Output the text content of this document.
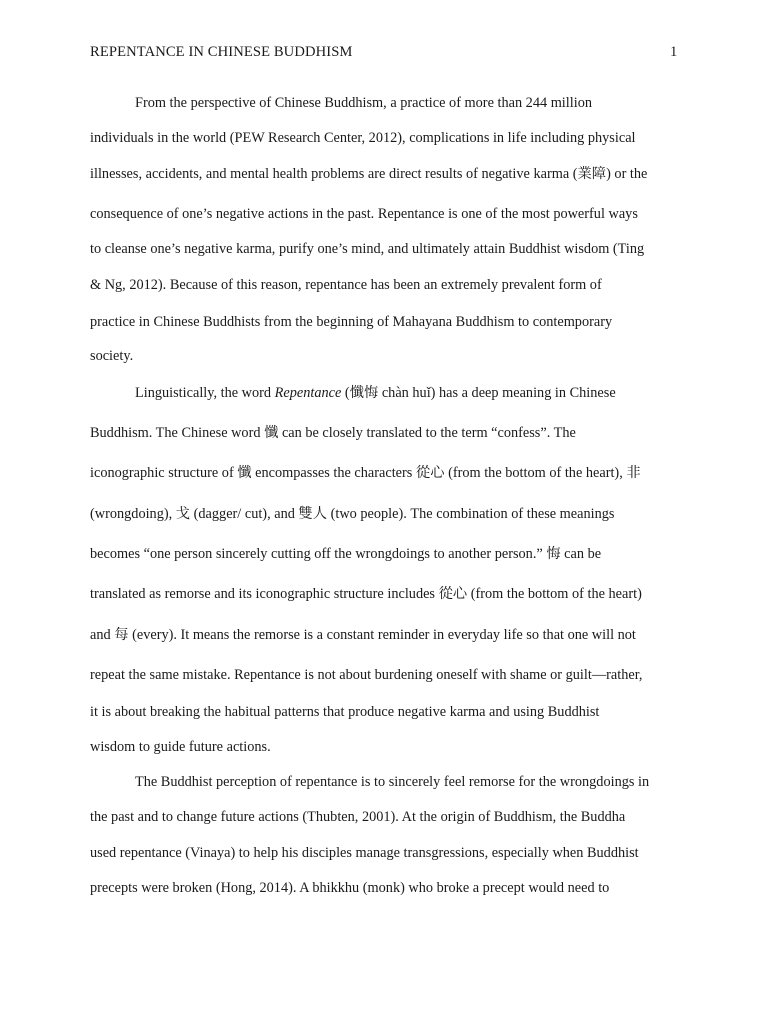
REPENTANCE IN CHINESE BUDDHISM	1
From the perspective of Chinese Buddhism, a practice of more than 244 million
individuals in the world (PEW Research Center, 2012), complications in life including physical
illnesses, accidents, and mental health problems are direct results of negative karma (業障) or the
consequence of one’s negative actions in the past. Repentance is one of the most powerful ways
to cleanse one’s negative karma, purify one’s mind, and ultimately attain Buddhist wisdom (Ting
& Ng, 2012). Because of this reason, repentance has been an extremely prevalent form of
practice in Chinese Buddhists from the beginning of Mahayana Buddhism to contemporary
society.
Linguistically, the word Repentance (懺悔 chàn huǐ) has a deep meaning in Chinese
Buddhism. The Chinese word 懺 can be closely translated to the term “confess”. The
iconographic structure of 懺 encompasses the characters 從心 (from the bottom of the heart), 非
(wrongdoing), 戈 (dagger/ cut), and 雙人 (two people). The combination of these meanings
becomes “one person sincerely cutting off the wrongdoings to another person.” 悔 can be
translated as remorse and its iconographic structure includes 從心 (from the bottom of the heart)
and 每 (every). It means the remorse is a constant reminder in everyday life so that one will not
repeat the same mistake. Repentance is not about burdening oneself with shame or guilt—rather,
it is about breaking the habitual patterns that produce negative karma and using Buddhist
wisdom to guide future actions.
The Buddhist perception of repentance is to sincerely feel remorse for the wrongdoings in
the past and to change future actions (Thubten, 2001). At the origin of Buddhism, the Buddha
used repentance (Vinaya) to help his disciples manage transgressions, especially when Buddhist
precepts were broken (Hong, 2014). A bhikkhu (monk) who broke a precept would need to
